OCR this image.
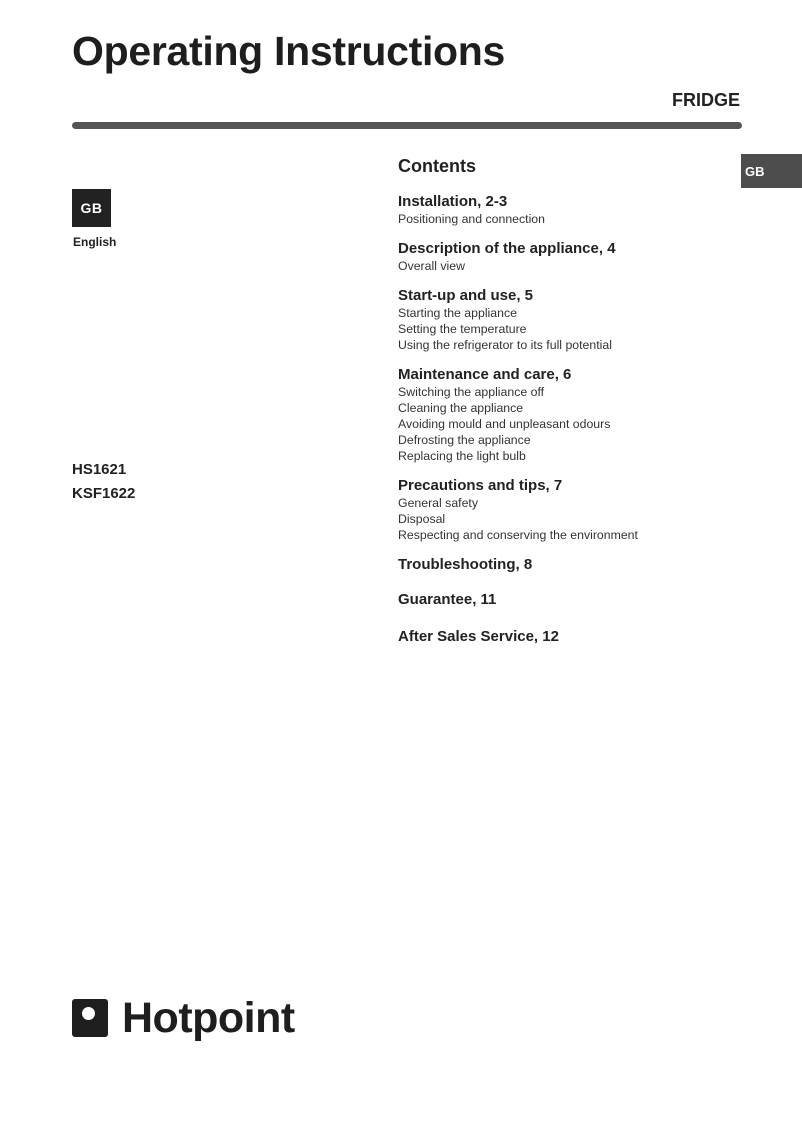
Operating Instructions
FRIDGE
GB
English
HS1621
KSF1622
GB
Contents
Installation, 2-3
Positioning and connection
Description of the appliance, 4
Overall view
Start-up and use, 5
Starting the appliance
Setting the temperature
Using the refrigerator to its full potential
Maintenance and care, 6
Switching the appliance off
Cleaning the appliance
Avoiding mould and unpleasant odours
Defrosting the appliance
Replacing the light bulb
Precautions and tips, 7
General safety
Disposal
Respecting and conserving the environment
Troubleshooting, 8
Guarantee, 11
After Sales Service, 12
Hotpoint
